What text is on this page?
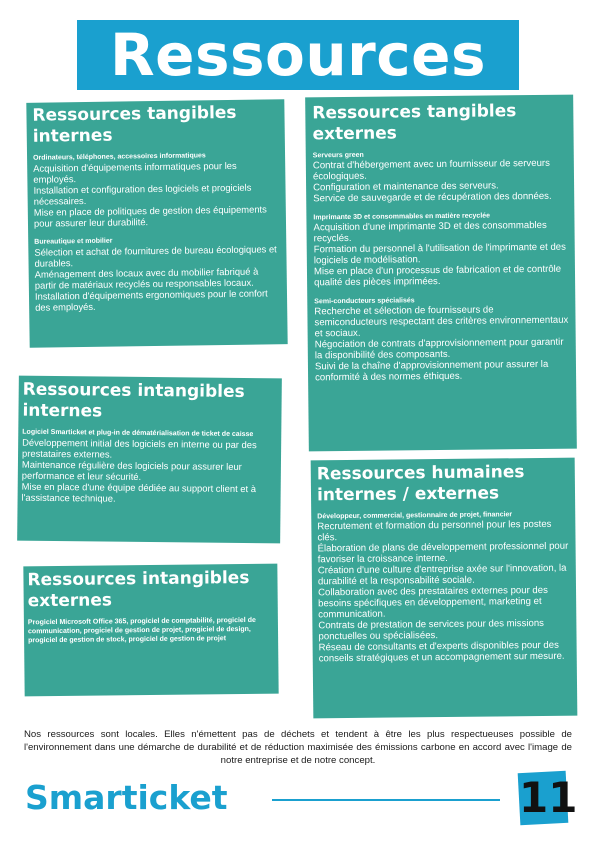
Ressources
Ressources tangibles internes
Ordinateurs, téléphones, accessoires informatiques
Acquisition d'équipements informatiques pour les employés.
Installation et configuration des logiciels et progiciels nécessaires.
Mise en place de politiques de gestion des équipements pour assurer leur durabilité.
Bureautique et mobilier
Sélection et achat de fournitures de bureau écologiques et durables.
Aménagement des locaux avec du mobilier fabriqué à partir de matériaux recyclés ou responsables locaux.
Installation d'équipements ergonomiques pour le confort des employés.
Ressources tangibles externes
Serveurs green
Contrat d'hébergement avec un fournisseur de serveurs écologiques.
Configuration et maintenance des serveurs.
Service de sauvegarde et de récupération des données.
Imprimante 3D et consommables en matière recyclée
Acquisition d'une imprimante 3D et des consommables recyclés.
Formation du personnel à l'utilisation de l'imprimante et des logiciels de modélisation.
Mise en place d'un processus de fabrication et de contrôle qualité des pièces imprimées.
Semi-conducteurs spécialisés
Recherche et sélection de fournisseurs de semiconducteurs respectant des critères environnementaux et sociaux.
Négociation de contrats d'approvisionnement pour garantir la disponibilité des composants.
Suivi de la chaîne d'approvisionnement pour assurer la conformité à des normes éthiques.
Ressources intangibles internes
Logiciel Smarticket et plug-in de dématérialisation de ticket de caisse
Développement initial des logiciels en interne ou par des prestataires externes.
Maintenance régulière des logiciels pour assurer leur performance et leur sécurité.
Mise en place d'une équipe dédiée au support client et à l'assistance technique.
Ressources humaines internes / externes
Développeur, commercial, gestionnaire de projet, financier
Recrutement et formation du personnel pour les postes clés.
Élaboration de plans de développement professionnel pour favoriser la croissance interne.
Création d'une culture d'entreprise axée sur l'innovation, la durabilité et la responsabilité sociale.
Collaboration avec des prestataires externes pour des besoins spécifiques en développement, marketing et communication.
Contrats de prestation de services pour des missions ponctuelles ou spécialisées.
Réseau de consultants et d'experts disponibles pour des conseils stratégiques et un accompagnement sur mesure.
Ressources intangibles externes
Progiciel Microsoft Office 365, progiciel de comptabilité, progiciel de communication, progiciel de gestion de projet, progiciel de design, progiciel de gestion de stock, progiciel de gestion de projet
Nos ressources sont locales. Elles n'émettent pas de déchets et tendent à être les plus respectueuses possible de l'environnement dans une démarche de durabilité et de réduction maximisée des émissions carbone en accord avec l'image de notre entreprise et de notre concept.
Smarticket	11
